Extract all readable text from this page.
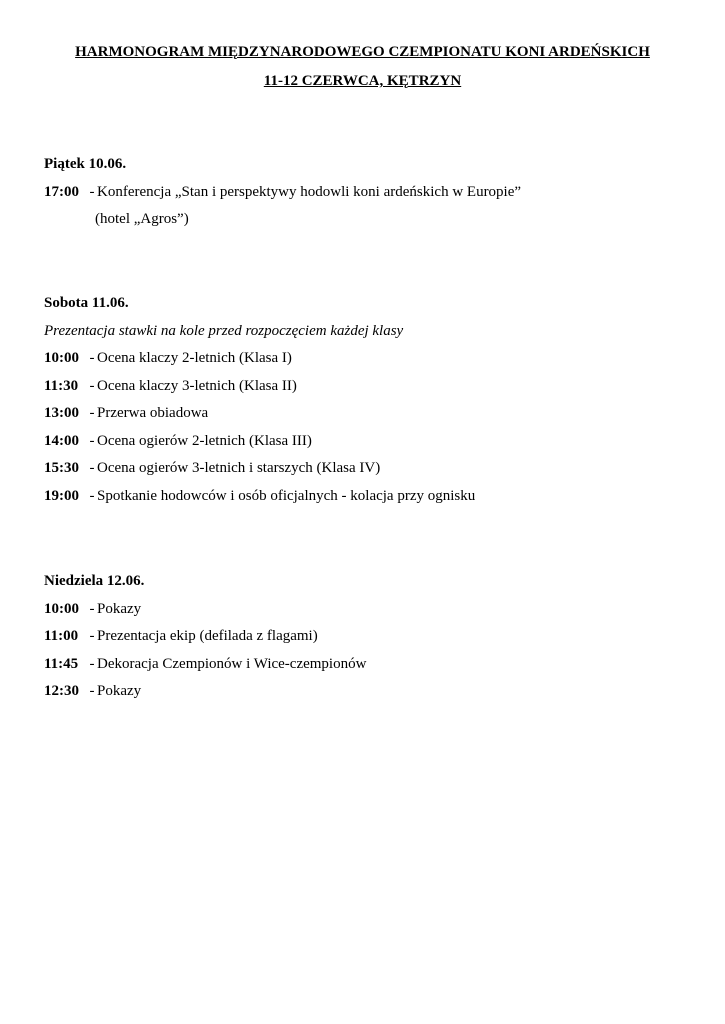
HARMONOGRAM MIĘDZYNARODOWEGO CZEMPIONATU KONI ARDEŃSKICH
11-12 CZERWCA, KĘTRZYN
Piątek 10.06.
17:00 - Konferencja „Stan i perspektywy hodowli koni ardeńskich w Europie”
(hotel „Agros”)
Sobota 11.06.
Prezentacja stawki na kole przed rozpoczęciem każdej klasy
10:00 - Ocena klaczy 2-letnich (Klasa I)
11:30 - Ocena klaczy 3-letnich (Klasa II)
13:00 - Przerwa obiadowa
14:00 - Ocena ogierów 2-letnich (Klasa III)
15:30 - Ocena ogierów 3-letnich i starszych (Klasa IV)
19:00 - Spotkanie hodowców i osób oficjalnych - kolacja przy ognisku
Niedziela 12.06.
10:00 - Pokazy
11:00 - Prezentacja ekip (defilada z flagami)
11:45 - Dekoracja Czempionów i Wice-czempionów
12:30 - Pokazy
